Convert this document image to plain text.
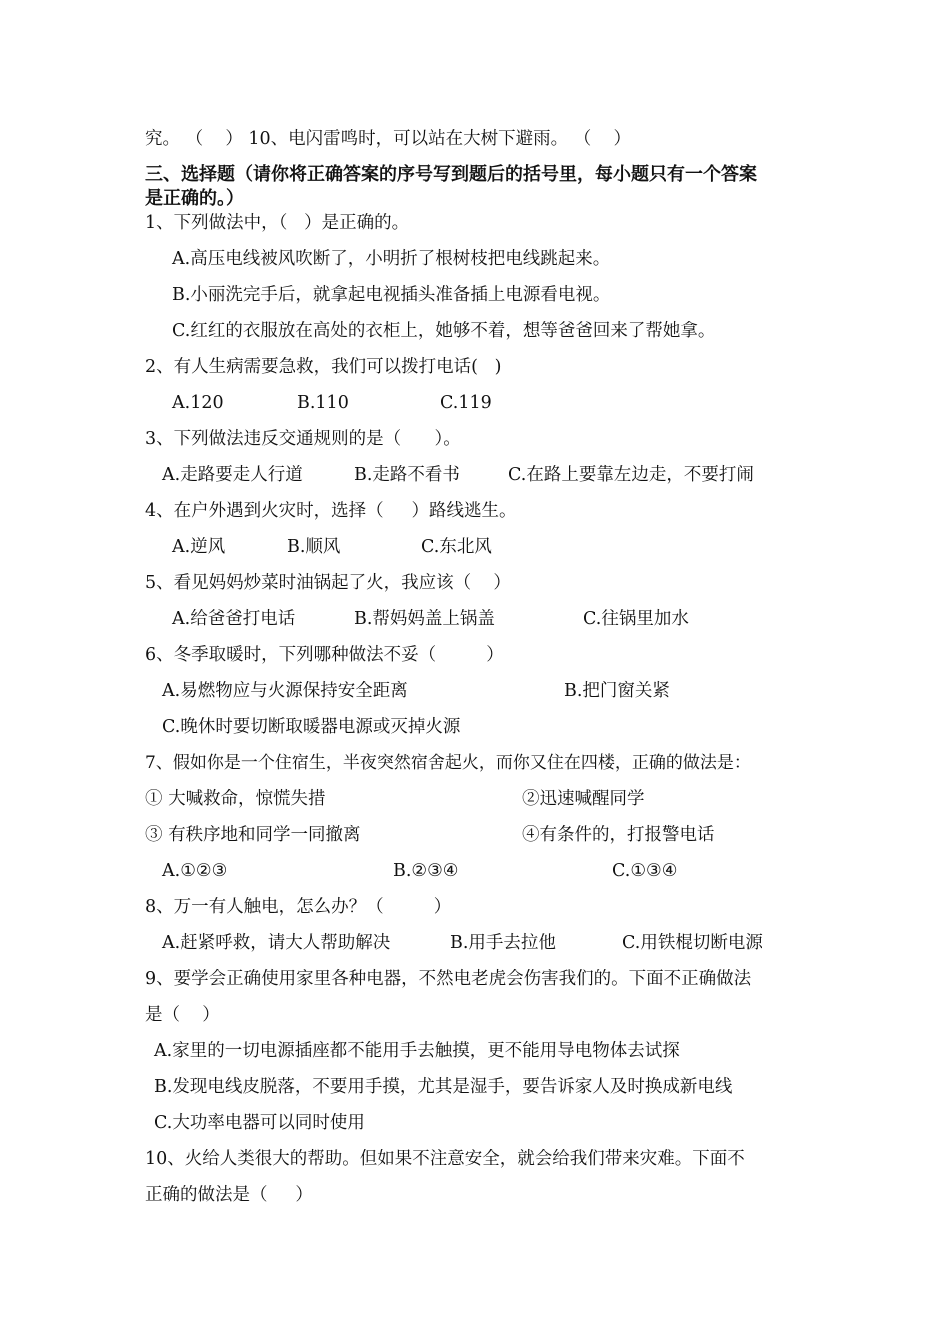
究。 （    ） 10、电闪雷鸣时，可以站在大树下避雨。 （    ）
三、选择题（请你将正确答案的序号写到题后的括号里，每小题只有一个答案
是正确的。）
1、下列做法中，（   ）是正确的。
A.高压电线被风吹断了，小明折了根树枝把电线跳起来。
B.小丽洗完手后，就拿起电视插头准备插上电源看电视。
C.红红的衣服放在高处的衣柜上，她够不着，想等爸爸回来了帮她拿。
2、有人生病需要急救，我们可以拨打电话(   )
A.120	B.110	C.119
3、下列做法违反交通规则的是（      ）。
A.走路要走人行道	B.走路不看书	C.在路上要靠左边走，不要打闹
4、在户外遇到火灾时，选择（     ）路线逃生。
A.逆风	B.顺风	C.东北风
5、看见妈妈炒菜时油锅起了火，我应该（    ）
A.给爸爸打电话	B.帮妈妈盖上锅盖	C.往锅里加水
6、冬季取暖时，下列哪种做法不妥（         ）
A.易燃物应与火源保持安全距离	B.把门窗关紧
C.晚休时要切断取暖器电源或灭掉火源
7、假如你是一个住宿生，半夜突然宿舍起火，而你又住在四楼，正确的做法是：
① 大喊救命，惊慌失措	②迅速喊醒同学
③ 有秩序地和同学一同撤离	④有条件的，打报警电话
A.①②③	B.②③④	C.①③④
8、万一有人触电，怎么办？（         ）
A.赶紧呼救，请大人帮助解决	B.用手去拉他	C.用铁棍切断电源
9、要学会正确使用家里各种电器，不然电老虎会伤害我们的。下面不正确做法
是（    ）
A.家里的一切电源插座都不能用手去触摸，更不能用导电物体去试探
B.发现电线皮脱落，不要用手摸，尤其是湿手，要告诉家人及时换成新电线
C.大功率电器可以同时使用
10、火给人类很大的帮助。但如果不注意安全，就会给我们带来灾难。下面不
正确的做法是（     ）
